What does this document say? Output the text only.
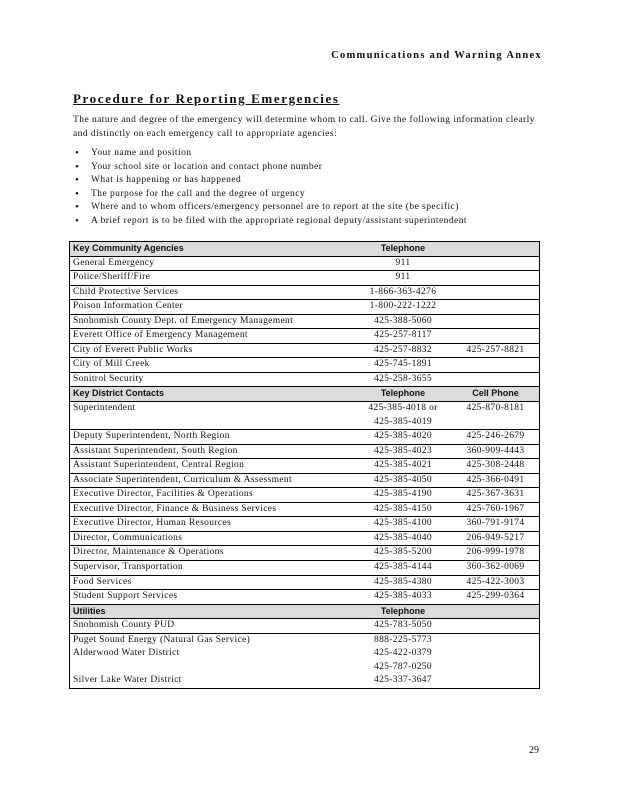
Communications and Warning Annex
Procedure for Reporting Emergencies

The nature and degree of the emergency will determine whom to call. Give the following information clearly and distinctly on each emergency call to appropriate agencies:

• Your name and position
• Your school site or location and contact phone number
• What is happening or has happened
• The purpose for the call and the degree of urgency
• Where and to whom officers/emergency personnel are to report at the site (be specific)
• A brief report is to be filed with the appropriate regional deputy/assistant superintendent
Key Community Agencies	Telephone	
General Emergency	911	
Police/Sheriff/Fire	911	
Child Protective Services	1-866-363-4276	
Poison Information Center	1-800-222-1222	
Snohomish County Dept. of Emergency Management	425-388-5060	
Everett Office of Emergency Management	425-257-8117	
City of Everett Public Works	425-257-8832	425-257-8821
City of Mill Creek	425-745-1891	
Sonitrol Security	425-258-3655	
Key District Contacts	Telephone	Cell Phone
Superintendent	425-385-4018 or	425-870-8181
	425-385-4019	
Deputy Superintendent, North Region	425-385-4020	425-246-2679
Assistant Superintendent, South Region	425-385-4023	360-909-4443
Assistant Superintendent, Central Region	425-385-4021	425-308-2448
Associate Superintendent, Curriculum & Assessment	425-385-4050	425-366-0491
Executive Director, Facilities & Operations	425-385-4190	425-367-3631
Executive Director, Finance & Business Services	425-385-4150	425-760-1967
Executive Director, Human Resources	425-385-4100	360-791-9174
Director, Communications	425-385-4040	206-949-5217
Director, Maintenance & Operations	425-385-5200	206-999-1978
Supervisor, Transportation	425-385-4144	360-362-0069
Food Services	425-385-4380	425-422-3003
Student Support Services	425-385-4033	425-299-0364
Utilities	Telephone	
Snohomish County PUD	425-783-5050	
Puget Sound Energy (Natural Gas Service)	888-225-5773	
Alderwood Water District	425-422-0379	
	425-787-0250	
Silver Lake Water District	425-337-3647	
29
